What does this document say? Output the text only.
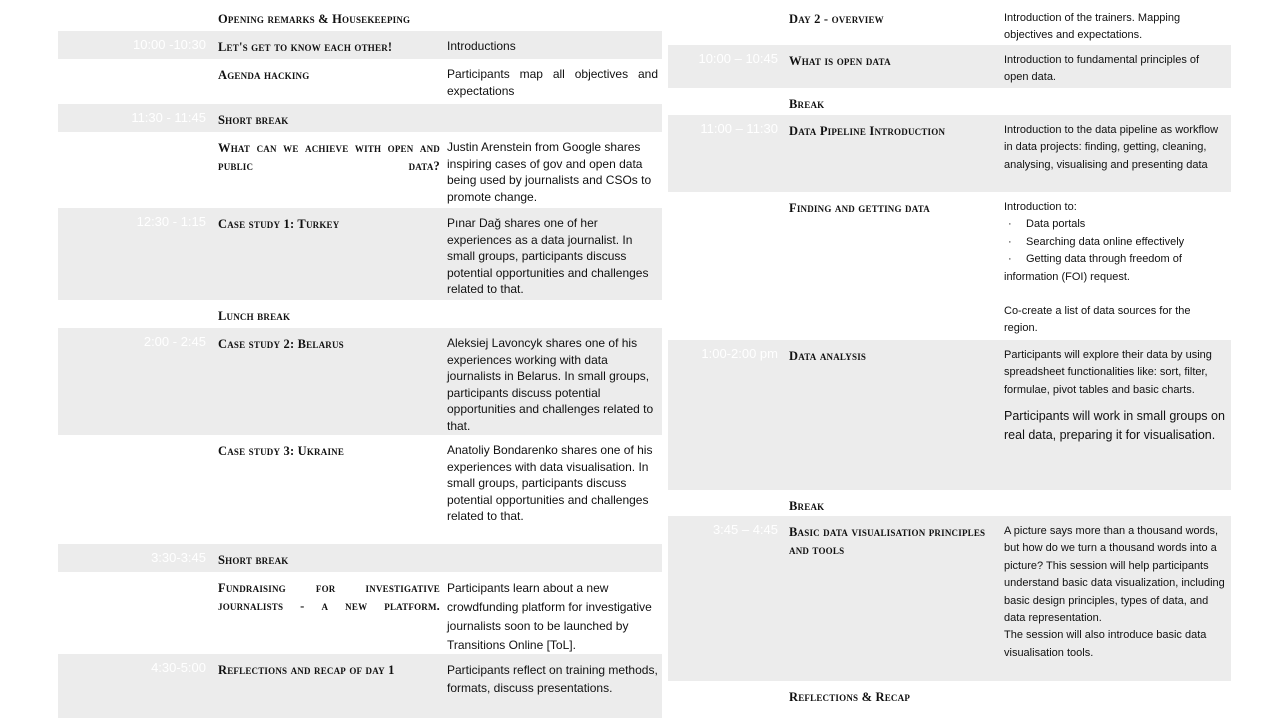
9:30 -10:00 Opening remarks & Housekeeping
10:00 -10:30 Let's get to know each other!	Introductions
10:30 - 11:30 Agenda hacking	Participants map all objectives and expectations
11:30 - 11:45 Short break
11:45 - 12:30 What can we achieve with open and public data?
Justin Arenstein from Google shares inspiring cases of gov and open data being used by journalists and CSOs to promote change.
12:30 - 1:15 Case study 1: Turkey	Pınar Dağ shares one of her experiences as a data journalist. In small groups, participants discuss potential opportunities and challenges related to that.
1:15 - 2:00 Lunch break
2:00 - 2:45 Case study 2: Belarus	Aleksiej Lavoncyk shares one of his experiences working with data journalists in Belarus. In small groups, participants discuss potential opportunities and challenges related to that.
2:45-3:30 Case study 3: Ukraine	Anatoliy Bondarenko shares one of his experiences with data visualisation. In small groups, participants discuss potential opportunities and challenges related to that.
3:30-3:45 Short break
3:45-4:30 Fundraising for investigative journalists - a new platform.
Participants learn about a new crowdfunding platform for investigative journalists soon to be launched by Transitions Online [ToL].
4:30-5:00 Reflections and recap of day 1	Participants reflect on training methods, formats, discuss presentations.
9:30 -10:00 Day 2 - overview	Introduction of the trainers. Mapping objectives and expectations.
10:00 – 10:45 What is open data	Introduction to fundamental principles of open data.
10:45 – 11:00 Break
11:00 – 11:30 Data Pipeline Introduction	Introduction to the data pipeline as workflow in data projects: finding, getting, cleaning, analysing, visualising and presenting data
11:30 – 1:00 Finding and getting data	Introduction to:
· Data portals
· Searching data online effectively
· Getting data through freedom of
information (FOI) request.
Co-create a list of data sources for the region.
1:00-2:00 pm Data analysis	Participants will explore their data by using spreadsheet functionalities like: sort, filter, formulae, pivot tables and basic charts.
Participants will work in small groups on real data, preparing it for visualisation.
3:30 - 3:45 pm Break
3:45 – 4:45 Basic data visualisation principles and tools
A picture says more than a thousand words, but how do we turn a thousand words into a picture? This session will help participants understand basic data visualization, including basic design principles, types of data, and data representation.
The session will also introduce basic data visualisation tools.
4:45 – 5:00pm Reflections & Recap
